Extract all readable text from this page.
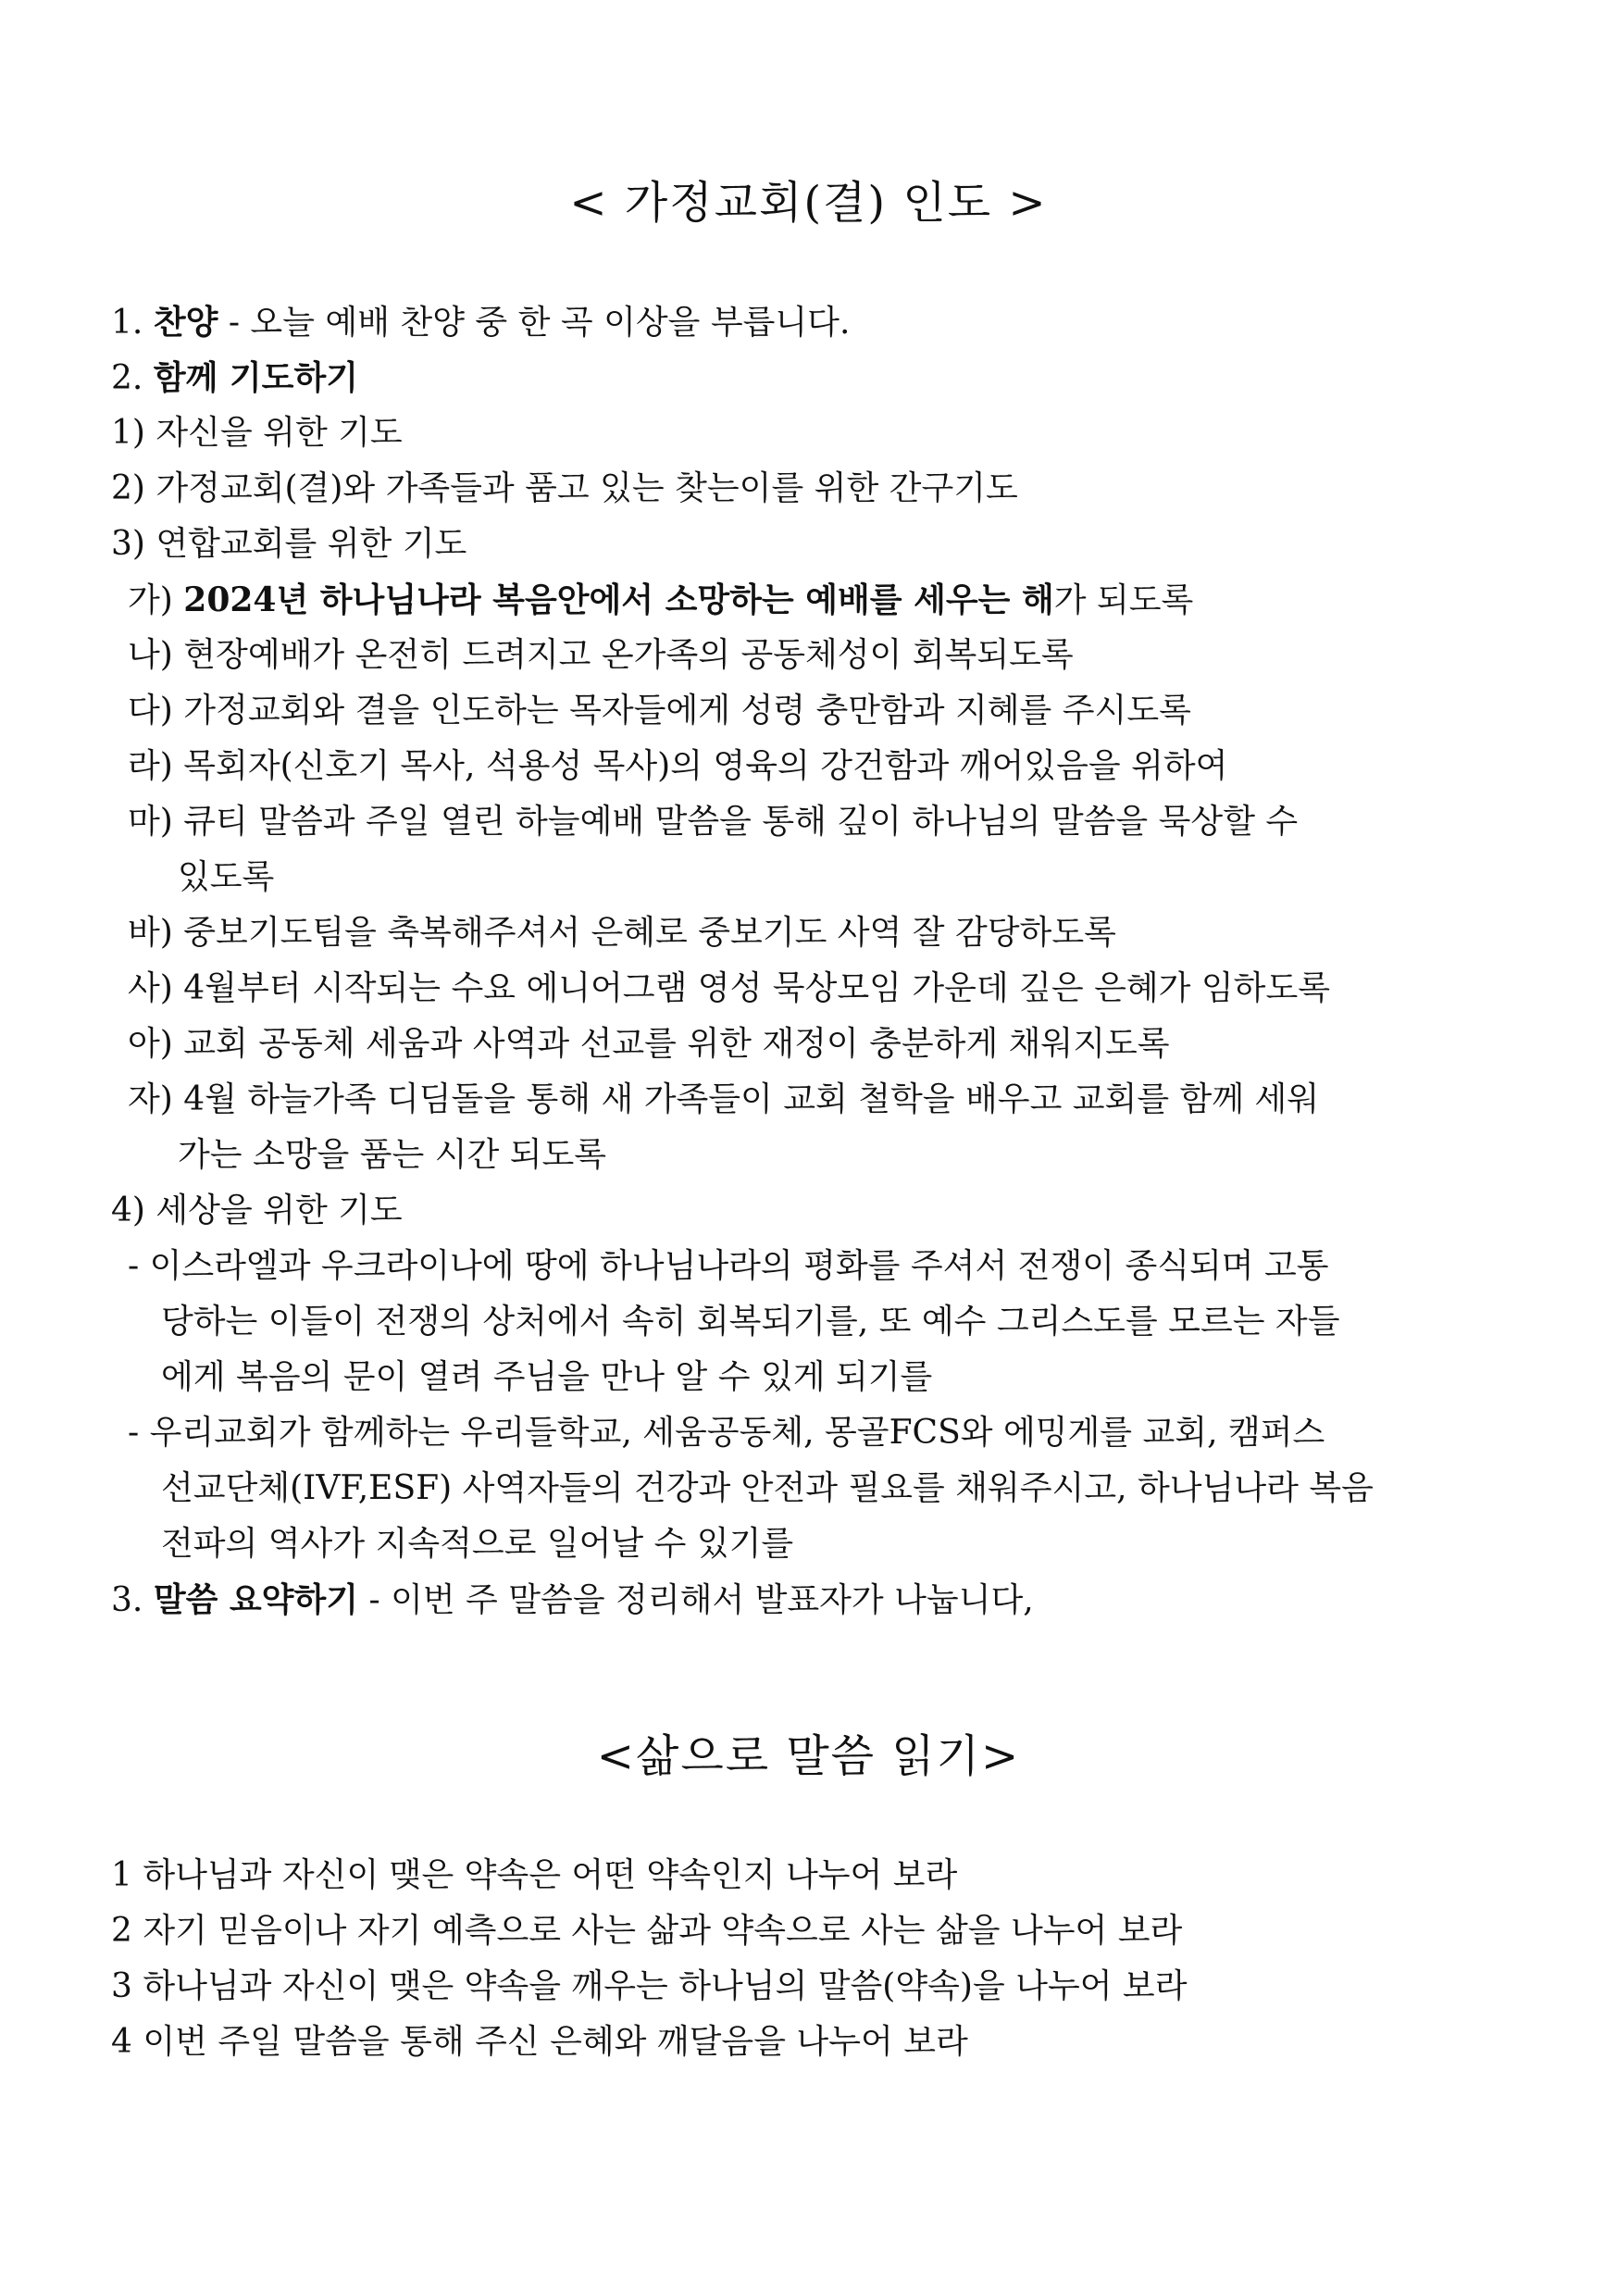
< 가정교회(결) 인도 >
1. 찬양 - 오늘 예배 찬양 중 한 곡 이상을 부릅니다.
2. 함께 기도하기
1) 자신을 위한 기도
2) 가정교회(결)와 가족들과 품고 있는 찾는이를 위한 간구기도
3) 연합교회를 위한 기도
가) 2024년 하나님나라 복음안에서 소망하는 예배를 세우는 해가 되도록
나) 현장예배가 온전히 드려지고 온가족의 공동체성이 회복되도록
다) 가정교회와 결을 인도하는 목자들에게 성령 충만함과 지혜를 주시도록
라) 목회자(신호기 목사, 석용성 목사)의 영육의 강건함과 깨어있음을 위하여
마) 큐티 말씀과 주일 열린 하늘예배 말씀을 통해 깊이 하나님의 말씀을 묵상할 수
있도록
바) 중보기도팀을 축복해주셔서 은혜로 중보기도 사역 잘 감당하도록
사) 4월부터 시작되는 수요 에니어그램 영성 묵상모임 가운데 깊은 은혜가 임하도록
아) 교회 공동체 세움과 사역과 선교를 위한 재정이 충분하게 채워지도록
자) 4월 하늘가족 디딤돌을 통해 새 가족들이 교회 철학을 배우고 교회를 함께 세워
가는 소망을 품는 시간 되도록
4) 세상을 위한 기도
- 이스라엘과 우크라이나에 땅에 하나님나라의 평화를 주셔서 전쟁이 종식되며 고통
당하는 이들이 전쟁의 상처에서 속히 회복되기를, 또 예수 그리스도를 모르는 자들
에게 복음의 문이 열려 주님을 만나 알 수 있게 되기를
- 우리교회가 함께하는 우리들학교, 세움공동체, 몽골FCS와 에밍게를 교회, 캠퍼스
선교단체(IVF,ESF) 사역자들의 건강과 안전과 필요를 채워주시고, 하나님나라 복음
전파의 역사가 지속적으로 일어날 수 있기를
3. 말씀 요약하기 - 이번 주 말씀을 정리해서 발표자가 나눕니다,
<삶으로 말씀 읽기>
1 하나님과 자신이 맺은 약속은 어떤 약속인지 나누어 보라
2 자기 믿음이나 자기 예측으로 사는 삶과 약속으로 사는 삶을 나누어 보라
3 하나님과 자신이 맺은 약속을 깨우는 하나님의 말씀(약속)을 나누어 보라
4 이번 주일 말씀을 통해 주신 은혜와 깨달음을 나누어 보라
